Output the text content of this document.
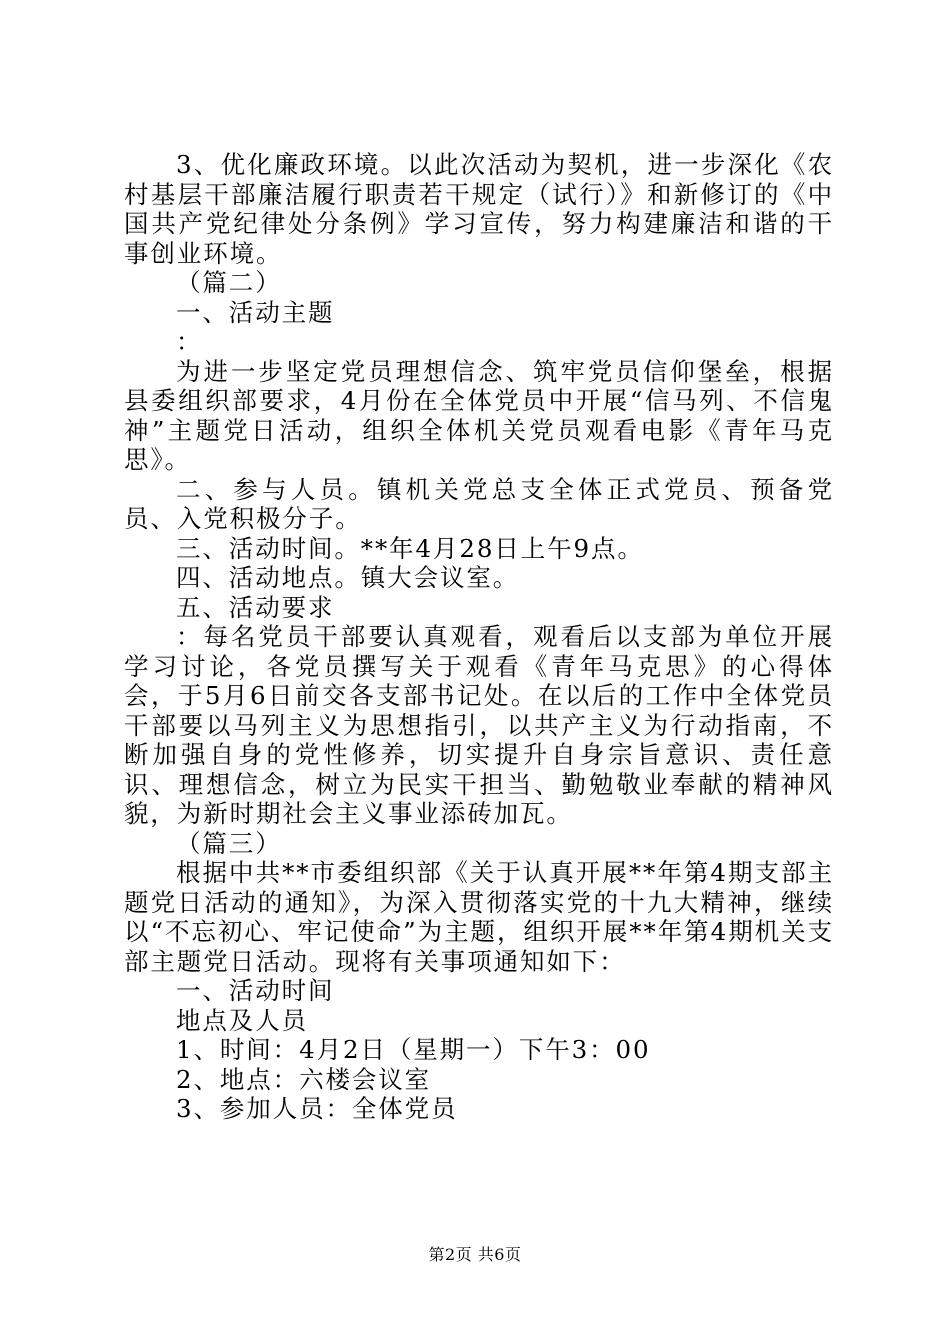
3、优化廉政环境。以此次活动为契机，进一步深化《农村基层干部廉洁履行职责若干规定（试行）》和新修订的《中国共产党纪律处分条例》学习宣传，努力构建廉洁和谐的干事创业环境。

（篇二）

一、活动主题

：

为进一步坚定党员理想信念、筑牢党员信仰堡垒，根据县委组织部要求，4月份在全体党员中开展“信马列、不信鬼神”主题党日活动，组织全体机关党员观看电影《青年马克思》。

二、参与人员。镇机关党总支全体正式党员、预备党员、入党积极分子。

三、活动时间。**年4月28日上午9点。

四、活动地点。镇大会议室。

五、活动要求

：每名党员干部要认真观看，观看后以支部为单位开展学习讨论，各党员撰写关于观看《青年马克思》的心得体会，于5月6日前交各支部书记处。在以后的工作中全体党员干部要以马列主义为思想指引，以共产主义为行动指南，不断加强自身的党性修养，切实提升自身宗旨意识、责任意识、理想信念，树立为民实干担当、勤勉敬业奉献的精神风貌，为新时期社会主义事业添砖加瓦。

（篇三）

根据中共**市委组织部《关于认真开展**年第4期支部主题党日活动的通知》，为深入贯彻落实党的十九大精神，继续以“不忘初心、牢记使命”为主题，组织开展**年第4期机关支部主题党日活动。现将有关事项通知如下：

一、活动时间

地点及人员

1、时间：4月2日（星期一）下午3：00

2、地点：六楼会议室

3、参加人员：全体党员

第2页 共6页
